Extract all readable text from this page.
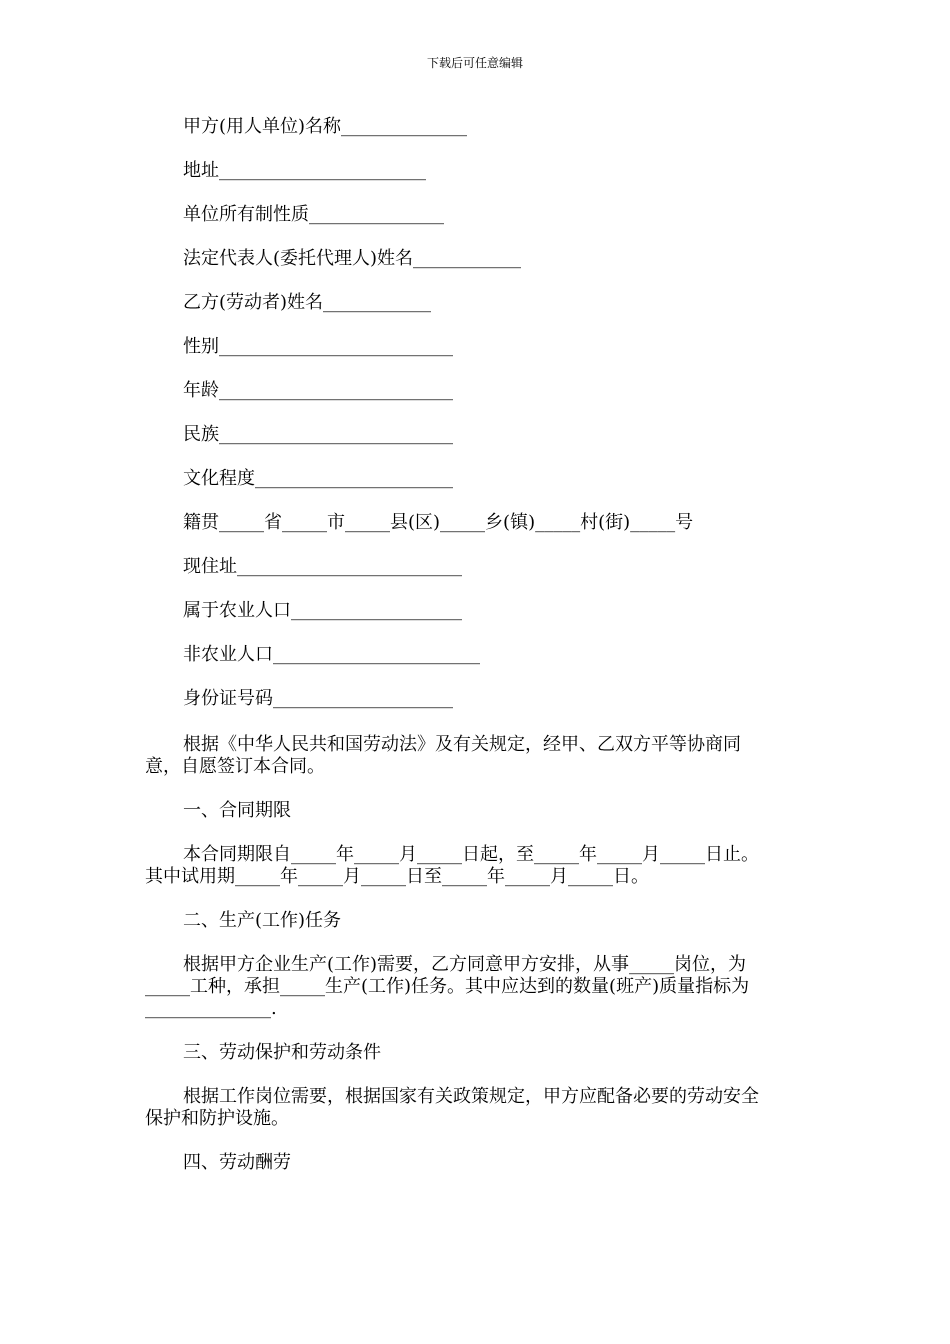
下载后可任意编辑
甲方(用人单位)名称______________
地址_______________________
单位所有制性质_______________
法定代表人(委托代理人)姓名____________
乙方(劳动者)姓名____________
性别__________________________
年龄__________________________
民族__________________________
文化程度______________________
籍贯_____省_____市_____县(区)_____乡(镇)_____村(街)_____号
现住址_________________________
属于农业人口___________________
非农业人口_______________________
身份证号码____________________
根据《中华人民共和国劳动法》及有关规定，经甲、乙双方平等协商同
意，自愿签订本合同。
一、合同期限
本合同期限自_____年_____月_____日起，至_____年_____月_____日止。
其中试用期_____年_____月_____日至_____年_____月_____日。
二、生产(工作)任务
根据甲方企业生产(工作)需要，乙方同意甲方安排，从事_____岗位，为
_____工种，承担_____生产(工作)任务。其中应达到的数量(班产)质量指标为
______________.
三、劳动保护和劳动条件
根据工作岗位需要，根据国家有关政策规定，甲方应配备必要的劳动安全
保护和防护设施。
四、劳动酬劳
